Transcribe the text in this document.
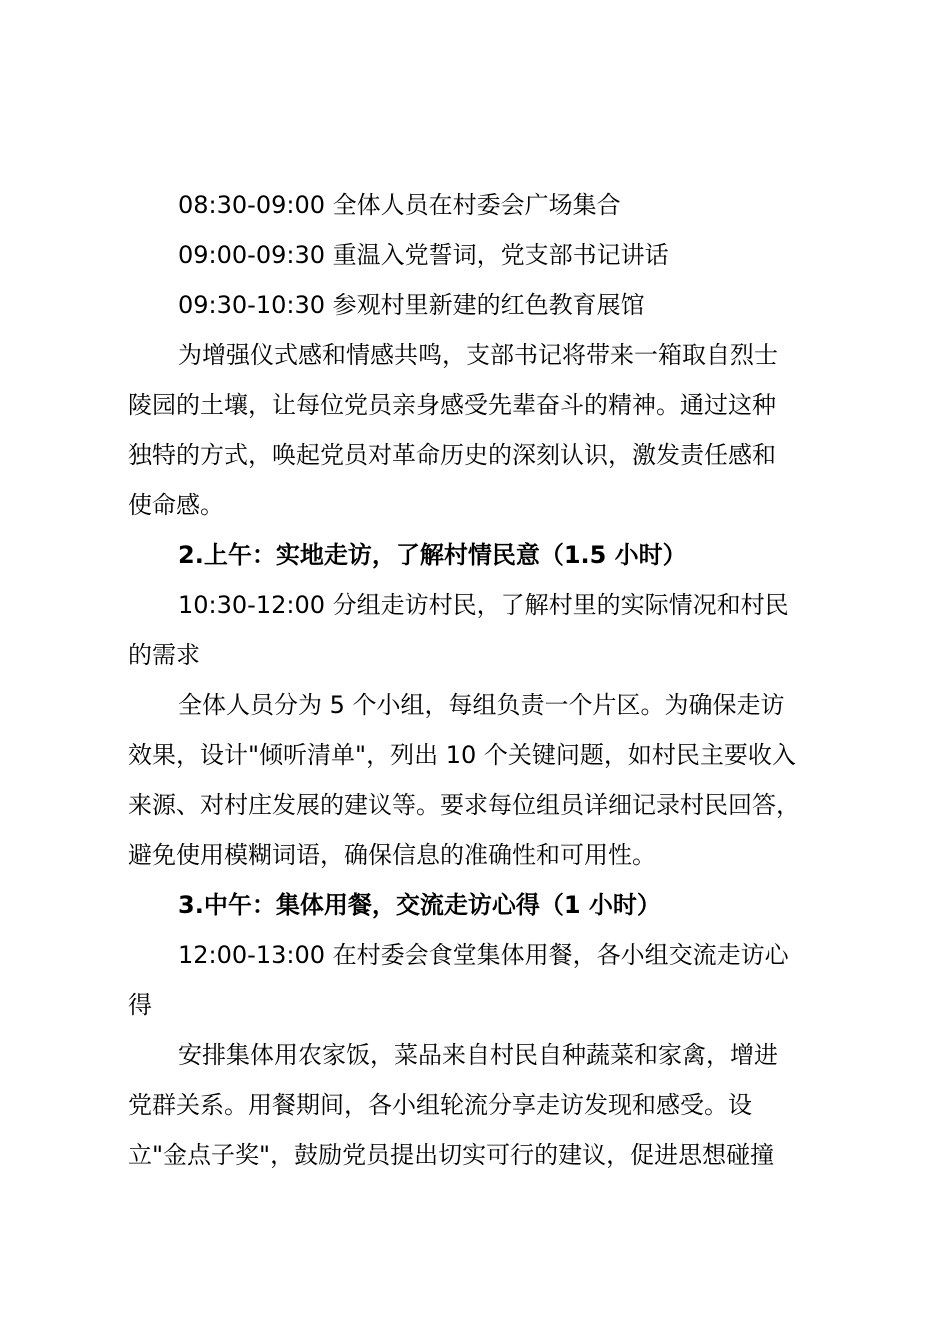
08:30-09:00 全体人员在村委会广场集合
09:00-09:30 重温入党誓词，党支部书记讲话
09:30-10:30 参观村里新建的红色教育展馆
为增强仪式感和情感共鸣，支部书记将带来一箱取自烈士
陵园的土壤，让每位党员亲身感受先辈奋斗的精神。通过这种
独特的方式，唤起党员对革命历史的深刻认识，激发责任感和
使命感。
2.上午：实地走访，了解村情民意（1.5 小时）
10:30-12:00 分组走访村民，了解村里的实际情况和村民
的需求
全体人员分为 5 个小组，每组负责一个片区。为确保走访
效果，设计"倾听清单"，列出 10 个关键问题，如村民主要收入
来源、对村庄发展的建议等。要求每位组员详细记录村民回答，
避免使用模糊词语，确保信息的准确性和可用性。
3.中午：集体用餐，交流走访心得（1 小时）
12:00-13:00 在村委会食堂集体用餐，各小组交流走访心
得
安排集体用农家饭，菜品来自村民自种蔬菜和家禽，增进
党群关系。用餐期间，各小组轮流分享走访发现和感受。设
立"金点子奖"，鼓励党员提出切实可行的建议，促进思想碰撞
